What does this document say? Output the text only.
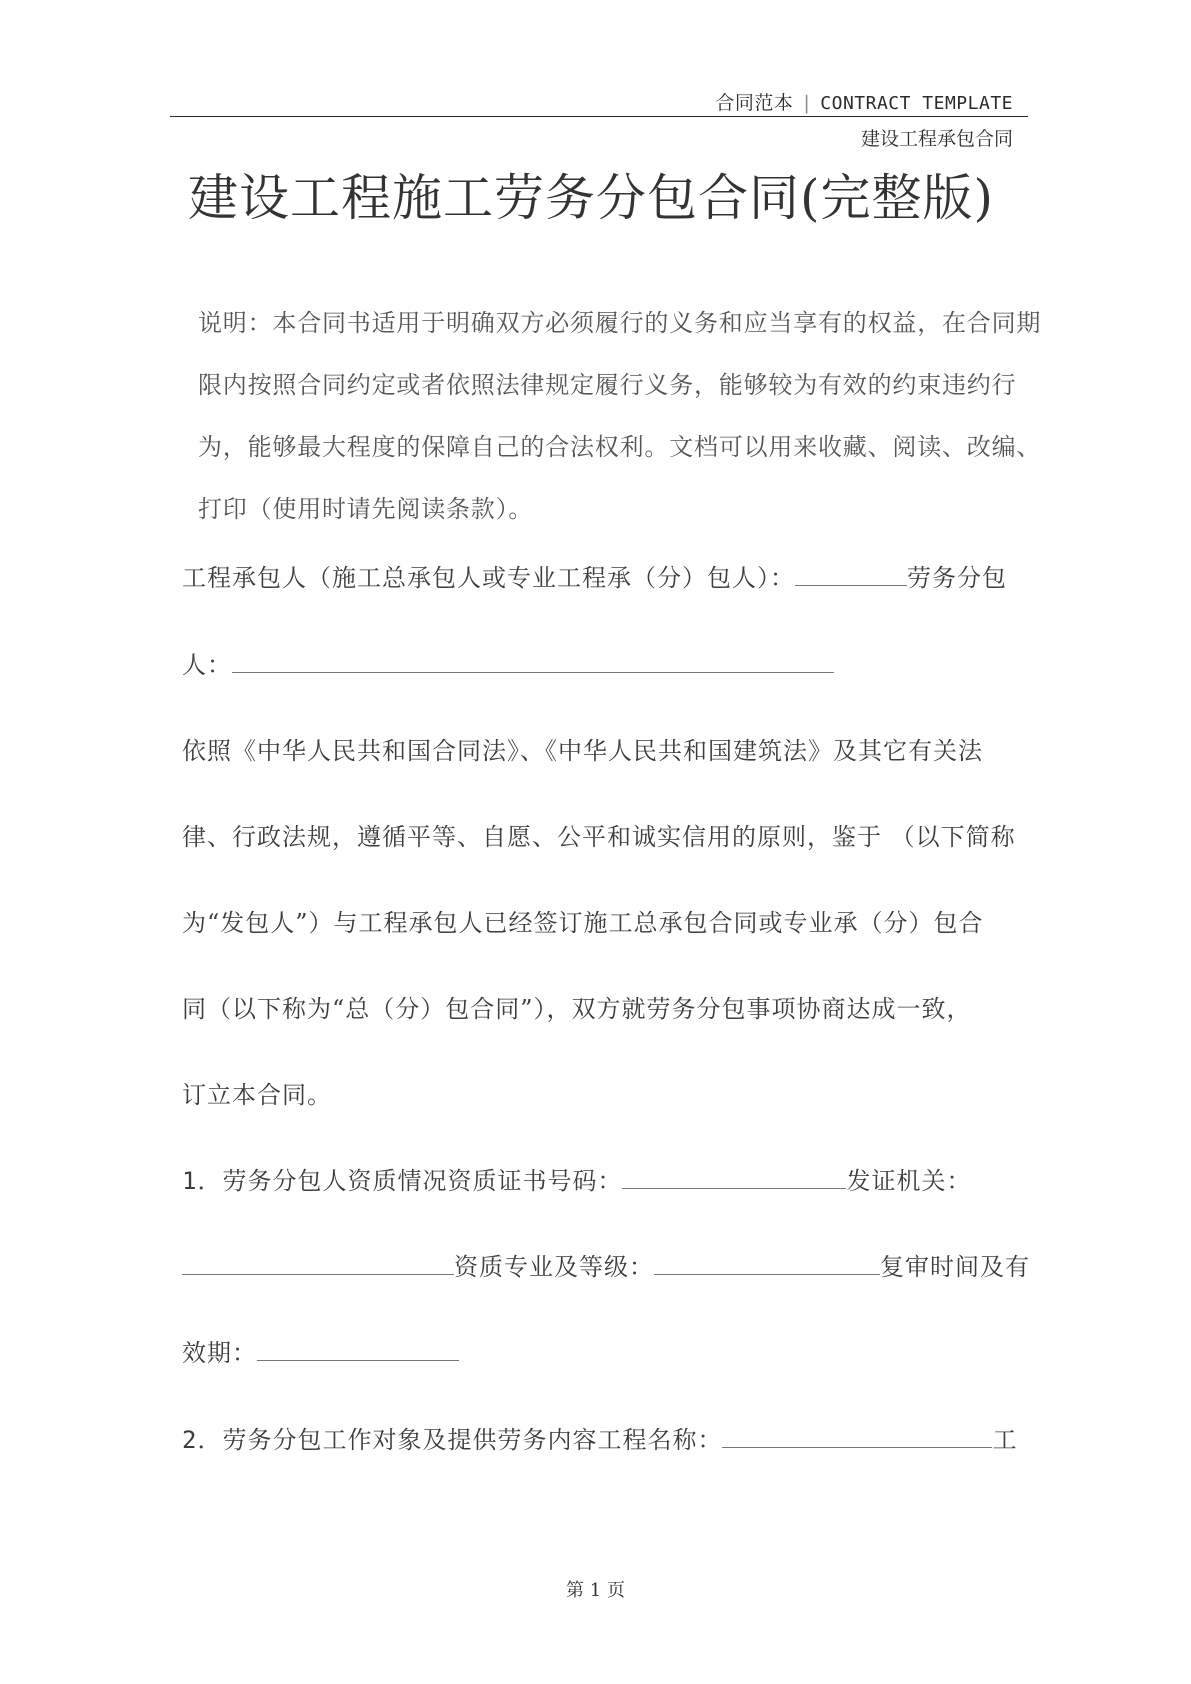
合同范本 | CONTRACT TEMPLATE
建设工程承包合同
建设工程施工劳务分包合同(完整版)
说明：本合同书适用于明确双方必须履行的义务和应当享有的权益，在合同期
限内按照合同约定或者依照法律规定履行义务，能够较为有效的约束违约行
为，能够最大程度的保障自己的合法权利。文档可以用来收藏、阅读、改编、
打印（使用时请先阅读条款）。
工程承包人（施工总承包人或专业工程承（分）包人）：	劳务分包
人：
依照《中华人民共和国合同法》、《中华人民共和国建筑法》及其它有关法
律、行政法规，遵循平等、自愿、公平和诚实信用的原则，鉴于 （以下简称
为“发包人”）与工程承包人已经签订施工总承包合同或专业承（分）包合
同（以下称为“总（分）包合同”），双方就劳务分包事项协商达成一致，
订立本合同。
1．劳务分包人资质情况资质证书号码：	发证机关：
资质专业及等级：	复审时间及有
效期：
2．劳务分包工作对象及提供劳务内容工程名称：	工
第 1 页
